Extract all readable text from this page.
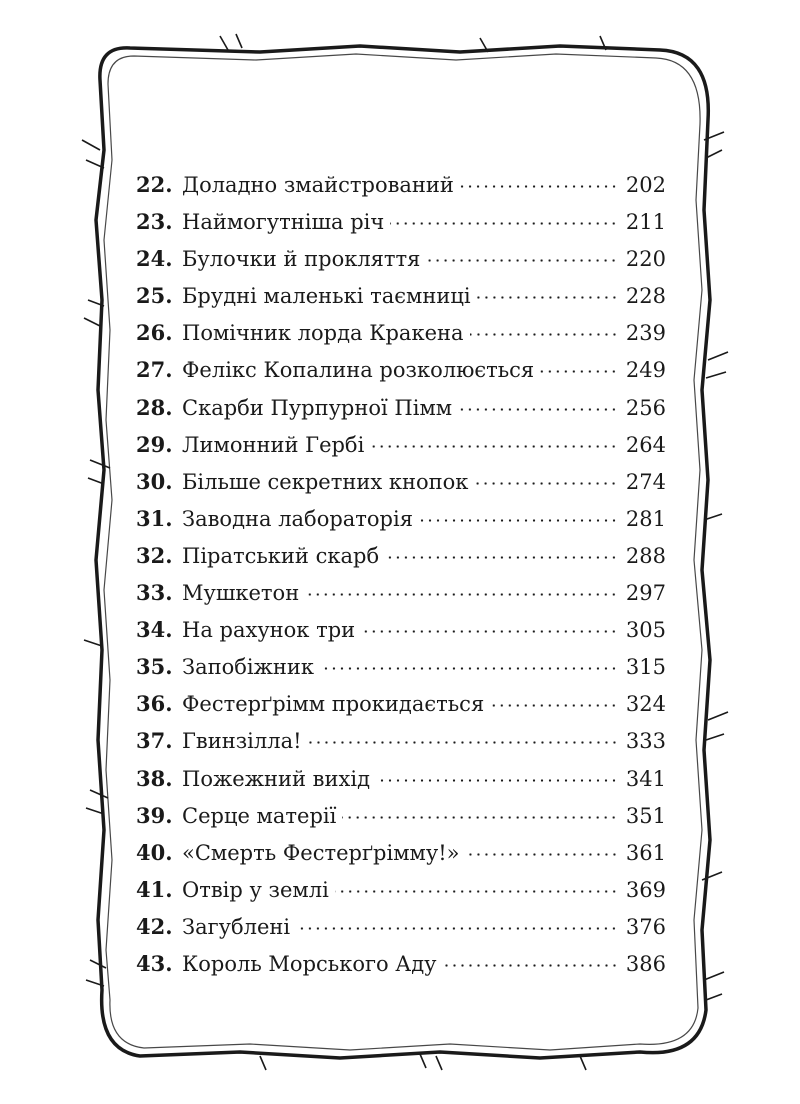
22. Доладно змайстрований	202
23. Наймогутніша річ	211
24. Булочки й прокляття	220
25. Брудні маленькі таємниці	228
26. Помічник лорда Кракена	239
27. Фелікс Копалина розколюється	249
28. Скарби Пурпурної Пімм	256
29. Лимонний Гербі	264
30. Більше секретних кнопок	274
31. Заводна лабораторія	281
32. Піратський скарб	288
33. Мушкетон	297
34. На рахунок три	305
35. Запобіжник	315
36. Фестерґрімм прокидається	324
37. Гвинзілла!	333
38. Пожежний вихід	341
39. Серце матерії	351
40. «Смерть Фестерґрімму!»	361
41. Отвір у землі	369
42. Загублені	376
43. Король Морського Аду	386
